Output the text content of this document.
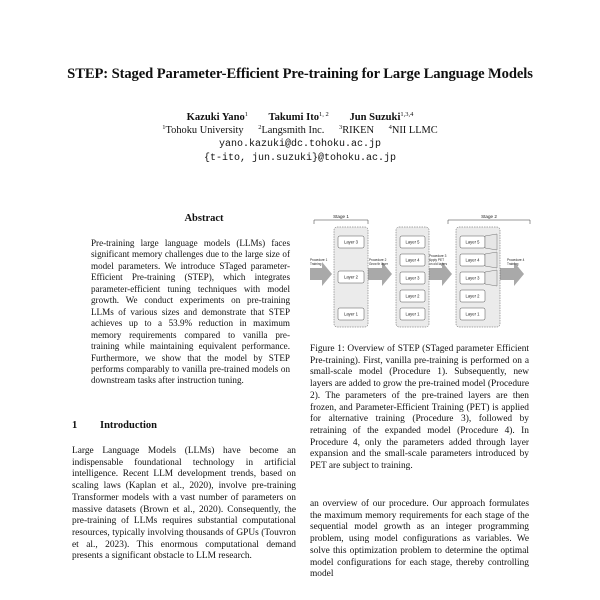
STEP: Staged Parameter-Efficient Pre-training for Large Language Models
Kazuki Yano$^1$ Takumi Ito$^{1, 2}$ Jun Suzuki$^{1,3,4}$
$^1$Tohoku University $^2$Langsmith Inc. $^3$RIKEN $^4$NII LLMC
yano.kazuki@dc.tohoku.ac.jp
{t-ito, jun.suzuki}@tohoku.ac.jp
Abstract
Pre-training large language models (LLMs) faces significant memory challenges due to the large size of model parameters. We introduce STaged parameter-Efficient Pre-training (STEP), which integrates parameter-efficient tuning techniques with model growth. We conduct experiments on pre-training LLMs of various sizes and demonstrate that STEP achieves up to a 53.9% reduction in maximum memory requirements compared to vanilla pre-training while maintaining equivalent performance. Furthermore, we show that the model by STEP performs comparably to vanilla pre-trained models on downstream tasks after instruction tuning.
1 Introduction
Large Language Models (LLMs) have become an indispensable foundational technology in artificial intelligence. Recent LLM development trends, based on scaling laws (Kaplan et al., 2020), involve pre-training Transformer models with a vast number of parameters on massive datasets (Brown et al., 2020). Consequently, the pre-training of LLMs requires substantial computational resources, typically involving thousands of GPUs (Touvron et al., 2023). This enormous computational demand presents a significant obstacle to LLM research.
Stage 1	Stage 2
Procedure 1 Training
Procedure 2 Grow th layer
Procedure 3 Apply PET on old layers
Procedure 4 Training
Layer 3
Layer 2
Layer 1
Layer 5
Layer 4
Layer 3
Layer 2
Layer 1
Layer 5
Layer 4
Layer 3
Layer 2
Layer 1
Figure 1: Overview of STEP (STaged parameter Efficient Pre-training). First, vanilla pre-training is performed on a small-scale model (Procedure 1). Subsequently, new layers are added to grow the pre-trained model (Procedure 2). The parameters of the pre-trained layers are then frozen, and Parameter-Efficient Training (PET) is applied for alternative training (Procedure 3), followed by retraining of the expanded model (Procedure 4). In Procedure 4, only the parameters added through layer expansion and the small-scale parameters introduced by PET are subject to training.
an overview of our procedure. Our approach formulates the maximum memory requirements for each stage of the sequential model growth as an integer programming problem, using model configurations as variables. We solve this optimization problem to determine the optimal model configurations for each stage, thereby controlling model
